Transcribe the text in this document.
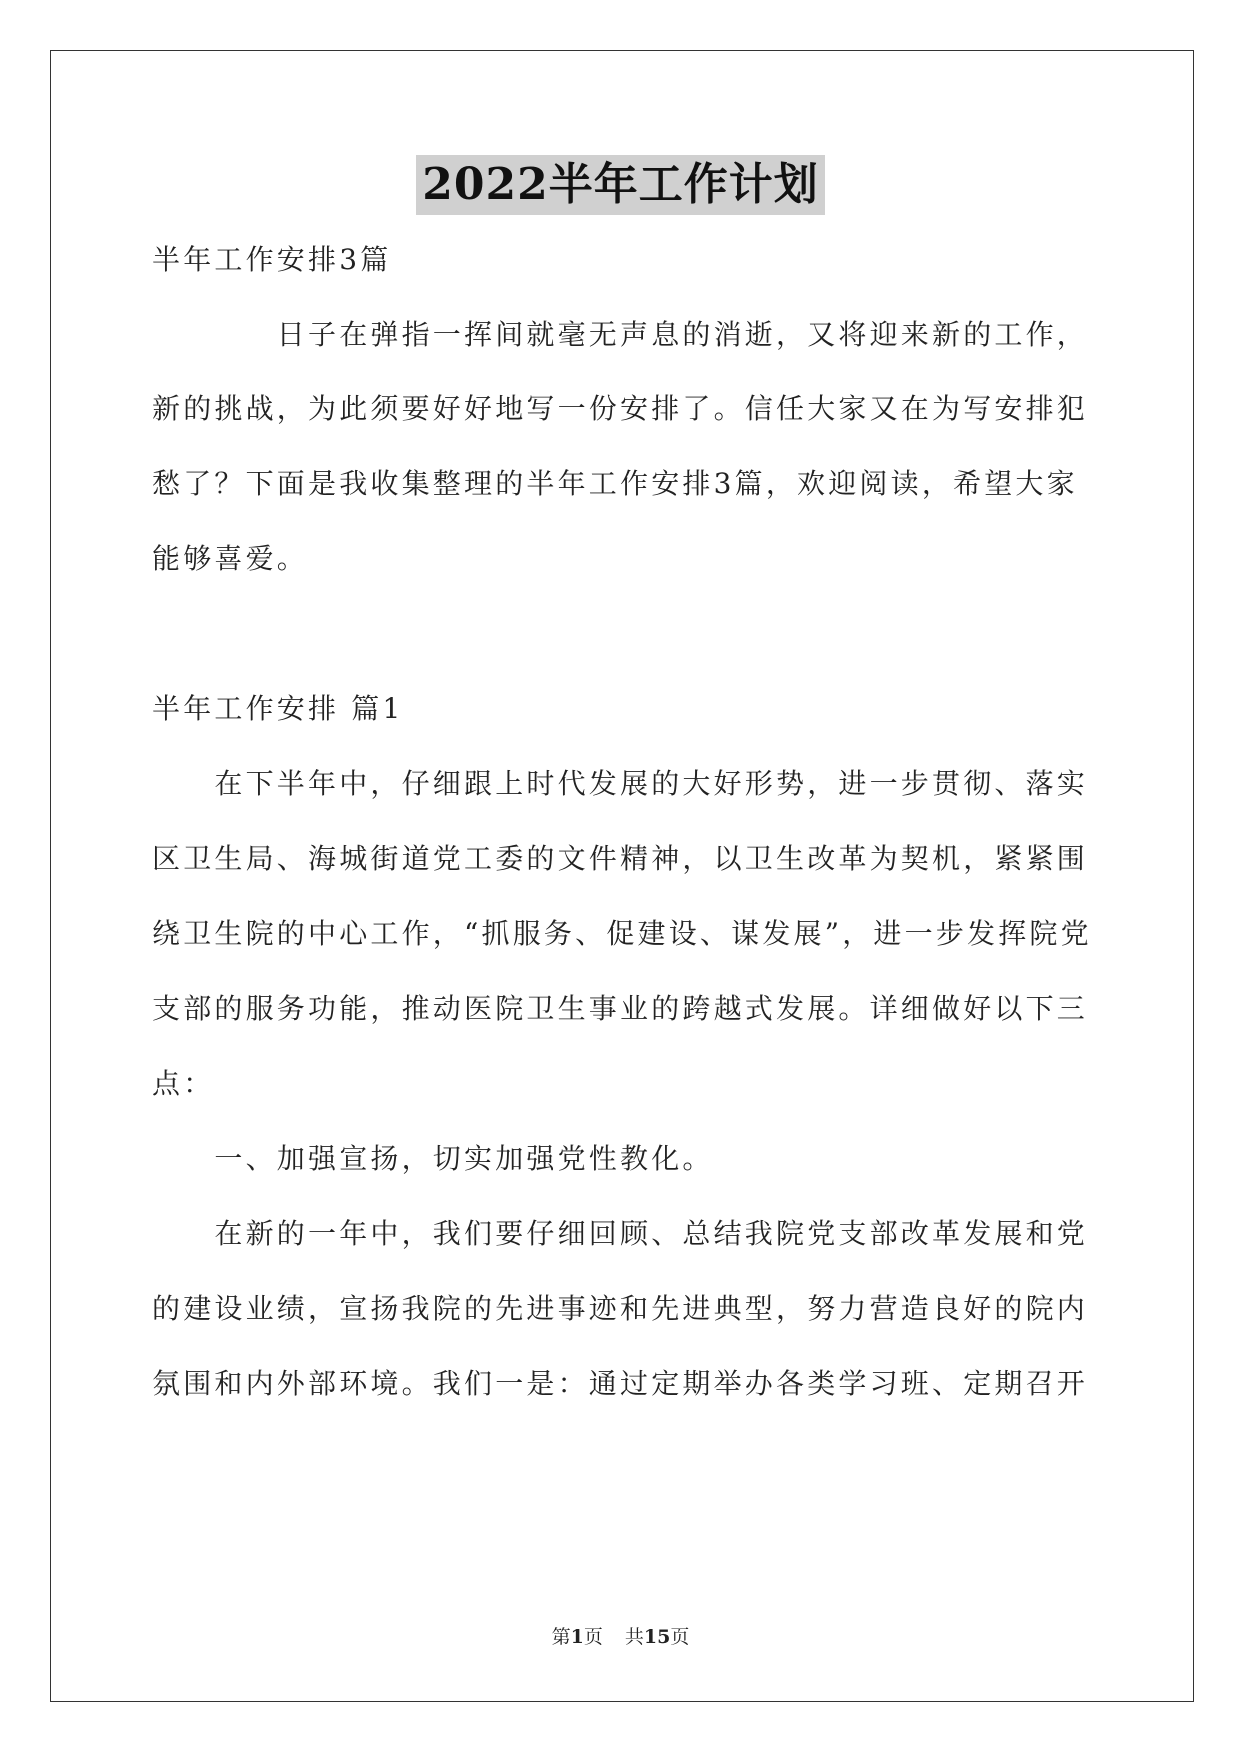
2022半年工作计划
半年工作安排3篇
　　　　日子在弹指一挥间就毫无声息的消逝，又将迎来新的工作，
新的挑战，为此须要好好地写一份安排了。信任大家又在为写安排犯
愁了？下面是我收集整理的半年工作安排3篇，欢迎阅读，希望大家
能够喜爱。
半年工作安排 篇1
　　在下半年中，仔细跟上时代发展的大好形势，进一步贯彻、落实
区卫生局、海城街道党工委的文件精神，以卫生改革为契机，紧紧围
绕卫生院的中心工作，“抓服务、促建设、谋发展”，进一步发挥院党
支部的服务功能，推动医院卫生事业的跨越式发展。详细做好以下三
点：
　　一、加强宣扬，切实加强党性教化。
　　在新的一年中，我们要仔细回顾、总结我院党支部改革发展和党
的建设业绩，宣扬我院的先进事迹和先进典型，努力营造良好的院内
氛围和内外部环境。我们一是：通过定期举办各类学习班、定期召开
第1页 共15页
